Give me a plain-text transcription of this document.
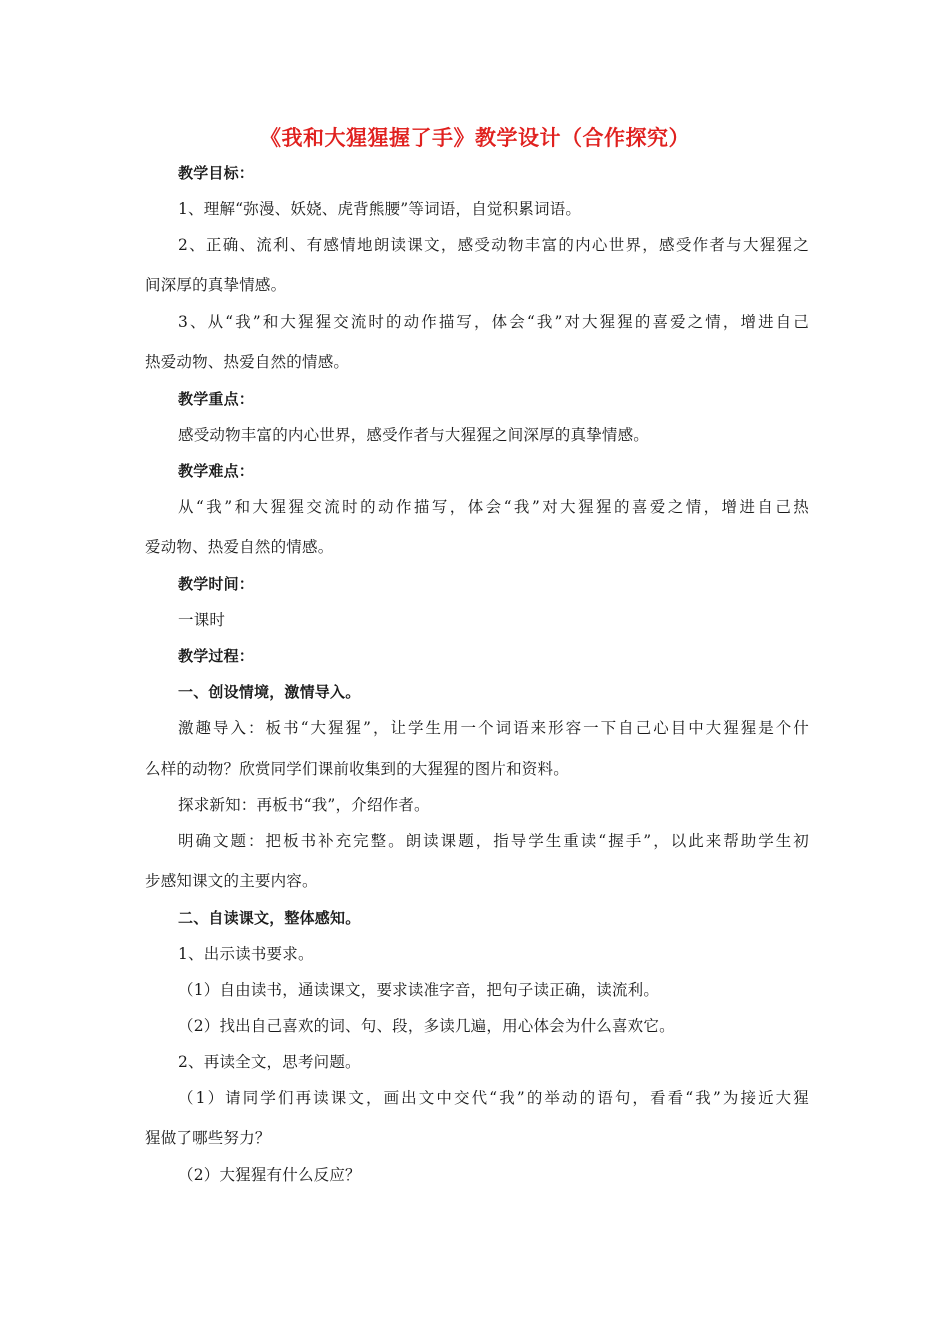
《我和大猩猩握了手》教学设计（合作探究）
教学目标：
1、理解“弥漫、妖娆、虎背熊腰”等词语，自觉积累词语。
2、正确、流利、有感情地朗读课文，感受动物丰富的内心世界，感受作者与大猩猩之
间深厚的真挚情感。
3、从“我”和大猩猩交流时的动作描写，体会“我”对大猩猩的喜爱之情，增进自己
热爱动物、热爱自然的情感。
教学重点：
感受动物丰富的内心世界，感受作者与大猩猩之间深厚的真挚情感。
教学难点：
从“我”和大猩猩交流时的动作描写，体会“我”对大猩猩的喜爱之情，增进自己热
爱动物、热爱自然的情感。
教学时间：
一课时
教学过程：
一、创设情境，激情导入。
激趣导入：板书“大猩猩”，让学生用一个词语来形容一下自己心目中大猩猩是个什
么样的动物？欣赏同学们课前收集到的大猩猩的图片和资料。
探求新知：再板书“我”，介绍作者。
明确文题：把板书补充完整。朗读课题，指导学生重读“握手”，以此来帮助学生初
步感知课文的主要内容。
二、自读课文，整体感知。
1、出示读书要求。
（1）自由读书，通读课文，要求读准字音，把句子读正确，读流利。
（2）找出自己喜欢的词、句、段，多读几遍，用心体会为什么喜欢它。
2、再读全文，思考问题。
（1）请同学们再读课文，画出文中交代“我”的举动的语句，看看“我”为接近大猩
猩做了哪些努力？
（2）大猩猩有什么反应？
